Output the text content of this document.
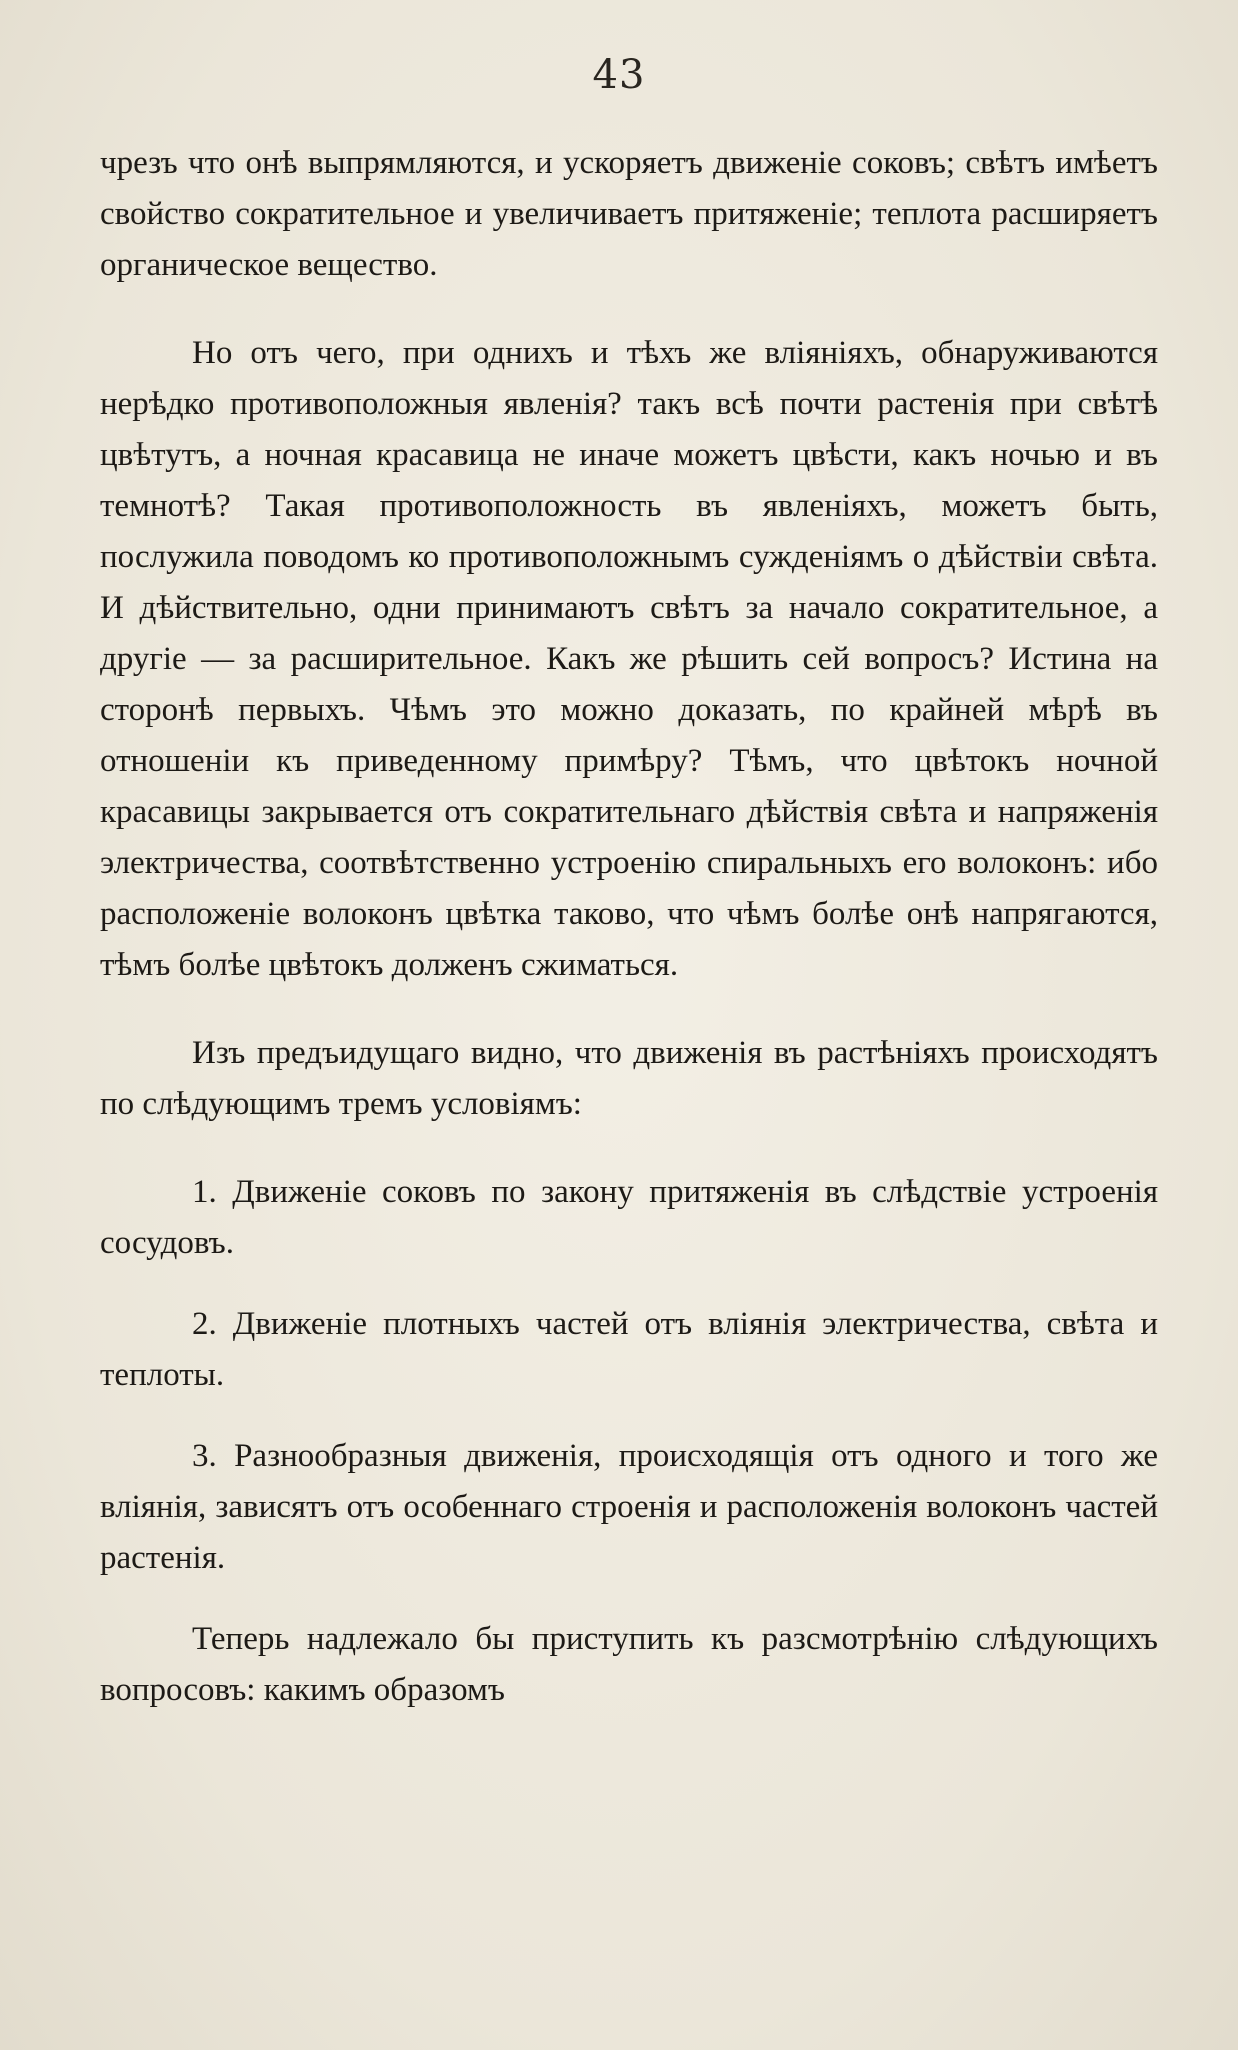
43

чрезъ что онѣ выпрямляются, и ускоряетъ движеніе соковъ; свѣтъ имѣетъ свойство сократительное и увеличиваетъ притяженіе; теплота расширяетъ органическое вещество.

Но отъ чего, при однихъ и тѣхъ же вліяніяхъ, обнаруживаются нерѣдко противоположныя явленія? такъ всѣ почти растенія при свѣтѣ цвѣтутъ, а ночная красавица не иначе можетъ цвѣсти, какъ ночью и въ темнотѣ? Такая противоположность въ явленіяхъ, можетъ быть, послужила поводомъ ко противоположнымъ сужденіямъ о дѣйствіи свѣта. И дѣйствительно, одни принимаютъ свѣтъ за начало сократительное, а другіе — за расширительное. Какъ же рѣшить сей вопросъ? Истина на сторонѣ первыхъ. Чѣмъ это можно доказать, по крайней мѣрѣ въ отношеніи къ приведенному примѣру? Тѣмъ, что цвѣтокъ ночной красавицы закрывается отъ сократительнаго дѣйствія свѣта и напряженія электричества, соотвѣтственно устроенію спиральныхъ его волоконъ: ибо расположеніе волоконъ цвѣтка таково, что чѣмъ болѣе онѣ напрягаются, тѣмъ болѣе цвѣтокъ долженъ сжиматься.

Изъ предъидущаго видно, что движенія въ растѣніяхъ происходятъ по слѣдующимъ тремъ условіямъ:

1. Движеніе соковъ по закону притяженія въ слѣдствіе устроенія сосудовъ.

2. Движеніе плотныхъ частей отъ вліянія электричества, свѣта и теплоты.

3. Разнообразныя движенія, происходящія отъ одного и того же вліянія, зависятъ отъ особеннаго строенія и расположенія волоконъ частей растенія.

Теперь надлежало бы приступить къ разсмотрѣнію слѣдующихъ вопросовъ: какимъ образомъ
